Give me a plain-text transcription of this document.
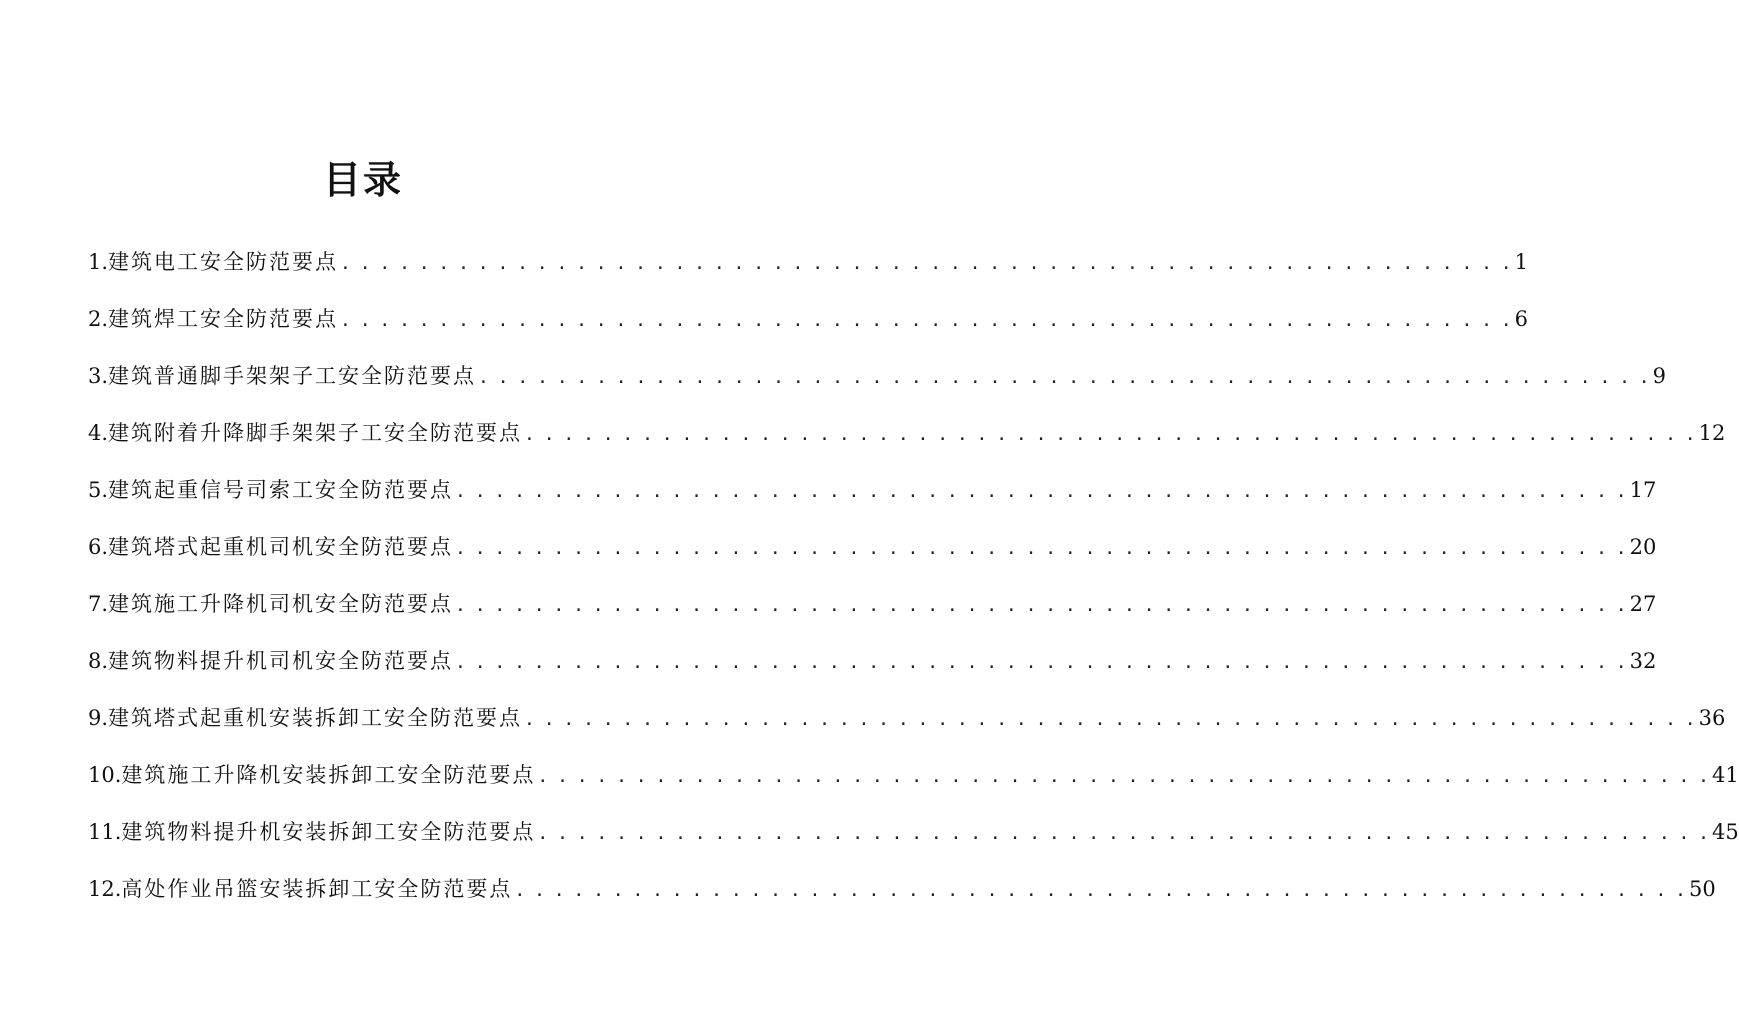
目录
1. 建筑电工安全防范要点 . . .	1
2. 建筑焊工安全防范要点 . . .	6
3. 建筑普通脚手架架子工安全防范要点 . . .	9
4. 建筑附着升降脚手架架子工安全防范要点 . . .	12
5. 建筑起重信号司索工安全防范要点 . . .	17
6. 建筑塔式起重机司机安全防范要点 . . .	20
7. 建筑施工升降机司机安全防范要点 . . .	27
8. 建筑物料提升机司机安全防范要点 . . .	32
9. 建筑塔式起重机安装拆卸工安全防范要点 . . .	36
10. 建筑施工升降机安装拆卸工安全防范要点 . . .	41
11. 建筑物料提升机安装拆卸工安全防范要点 . . .	45
12. 高处作业吊篮安装拆卸工安全防范要点 . . .	50
